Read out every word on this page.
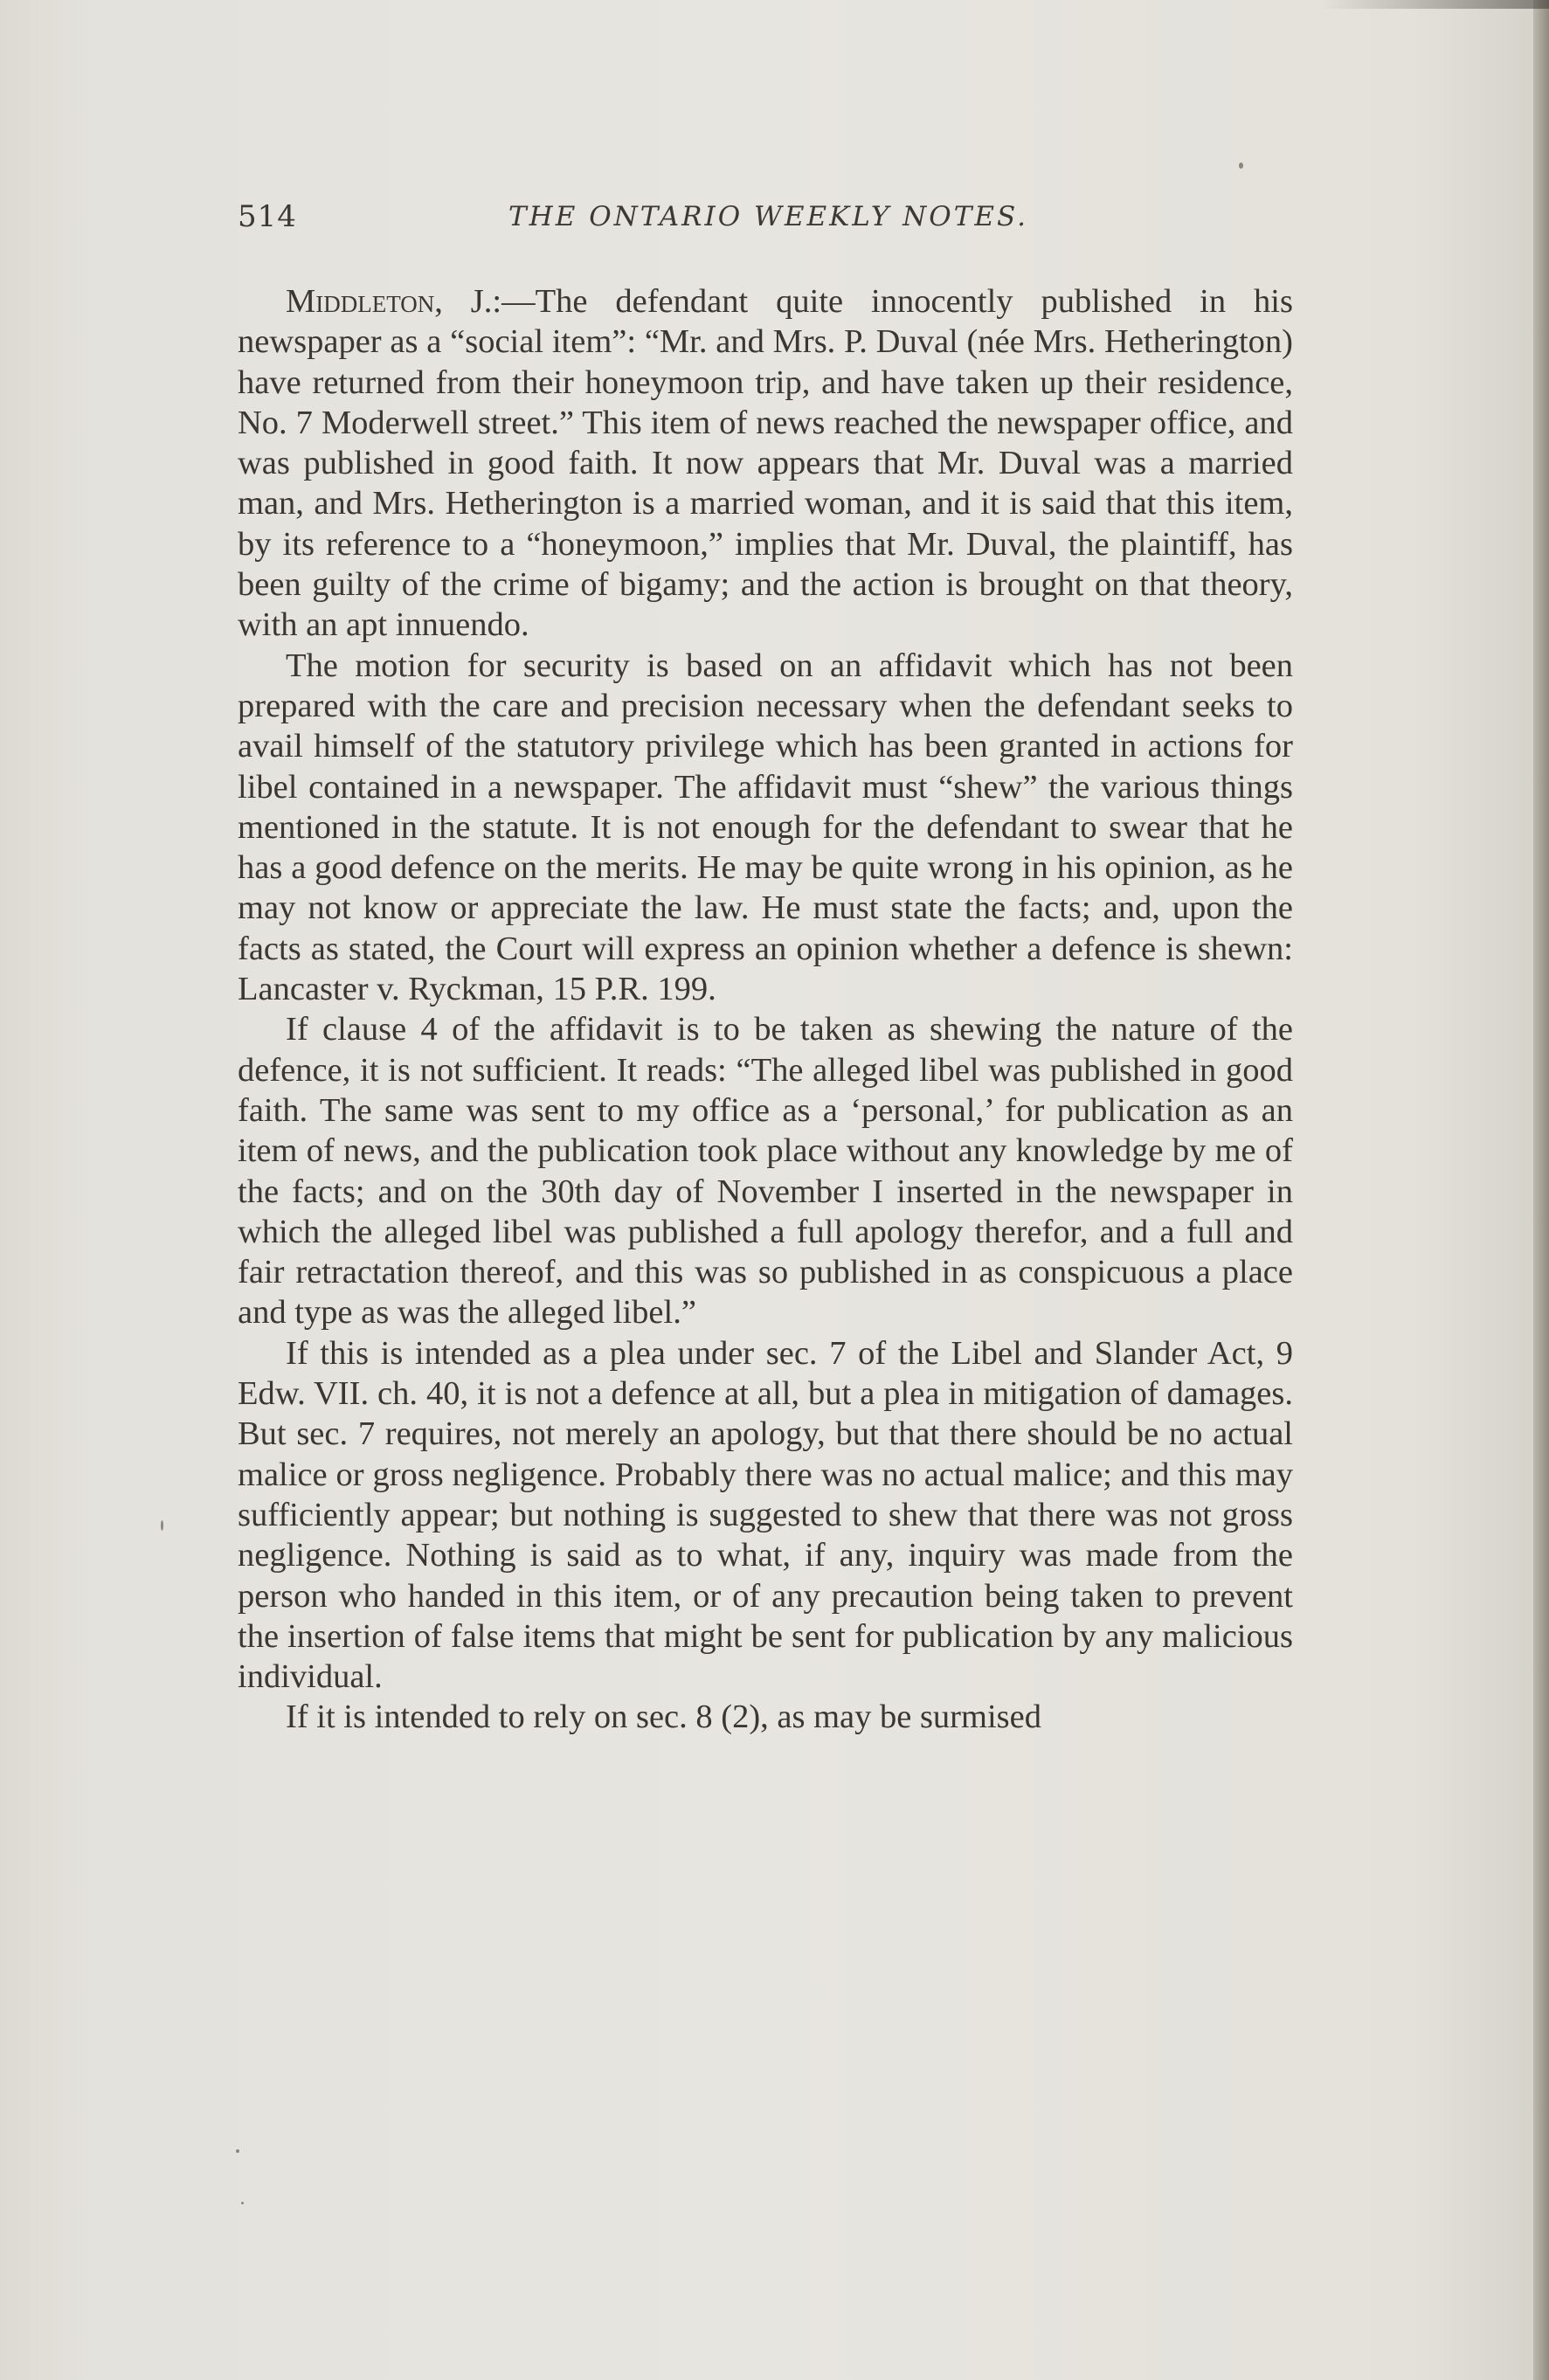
514	THE ONTARIO WEEKLY NOTES.

Middleton, J.:—The defendant quite innocently published in his newspaper as a “social item”: “Mr. and Mrs. P. Duval (née Mrs. Hetherington) have returned from their honeymoon trip, and have taken up their residence, No. 7 Moderwell street.” This item of news reached the newspaper office, and was published in good faith. It now appears that Mr. Duval was a married man, and Mrs. Hetherington is a married woman, and it is said that this item, by its reference to a “honeymoon,” implies that Mr. Duval, the plaintiff, has been guilty of the crime of bigamy; and the action is brought on that theory, with an apt innuendo.

The motion for security is based on an affidavit which has not been prepared with the care and precision necessary when the defendant seeks to avail himself of the statutory privilege which has been granted in actions for libel contained in a newspaper. The affidavit must “shew” the various things mentioned in the statute. It is not enough for the defendant to swear that he has a good defence on the merits. He may be quite wrong in his opinion, as he may not know or appreciate the law. He must state the facts; and, upon the facts as stated, the Court will express an opinion whether a defence is shewn: Lancaster v. Ryckman, 15 P.R. 199.

If clause 4 of the affidavit is to be taken as shewing the nature of the defence, it is not sufficient. It reads: “The alleged libel was published in good faith. The same was sent to my office as a ‘personal,’ for publication as an item of news, and the publication took place without any knowledge by me of the facts; and on the 30th day of November I inserted in the newspaper in which the alleged libel was published a full apology therefor, and a full and fair retractation thereof, and this was so published in as conspicuous a place and type as was the alleged libel.”

If this is intended as a plea under sec. 7 of the Libel and Slander Act, 9 Edw. VII. ch. 40, it is not a defence at all, but a plea in mitigation of damages. But sec. 7 requires, not merely an apology, but that there should be no actual malice or gross negligence. Probably there was no actual malice; and this may sufficiently appear; but nothing is suggested to shew that there was not gross negligence. Nothing is said as to what, if any, inquiry was made from the person who handed in this item, or of any precaution being taken to prevent the insertion of false items that might be sent for publication by any malicious individual.

If it is intended to rely on sec. 8 (2), as may be surmised
